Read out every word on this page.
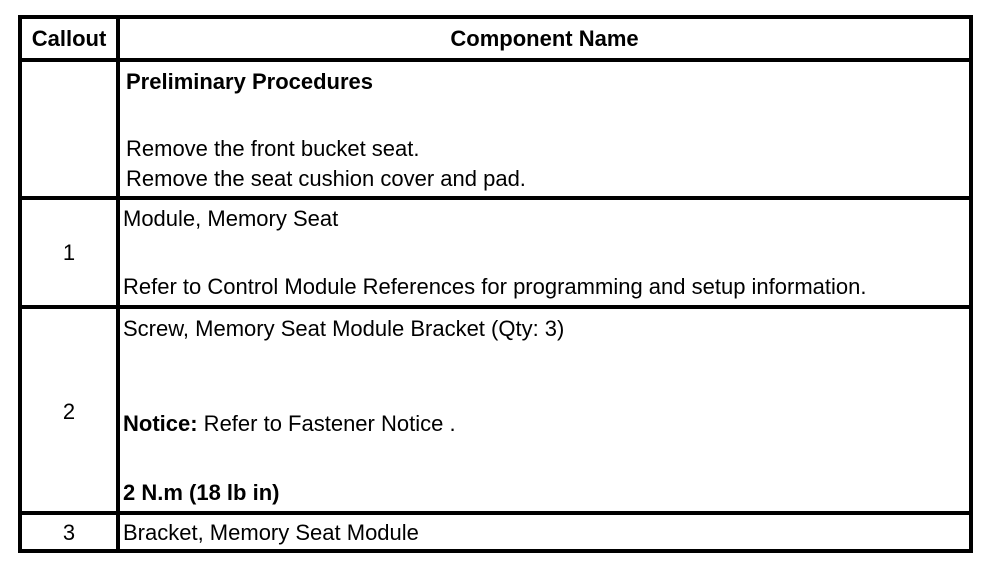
Callout	Component Name
Preliminary Procedures
Remove the front bucket seat.
Remove the seat cushion cover and pad.
1
Module, Memory Seat
Refer to Control Module References for programming and setup information.
2
Screw, Memory Seat Module Bracket (Qty: 3)
Notice: Refer to Fastener Notice .
2 N.m (18 lb in)
3	Bracket, Memory Seat Module
